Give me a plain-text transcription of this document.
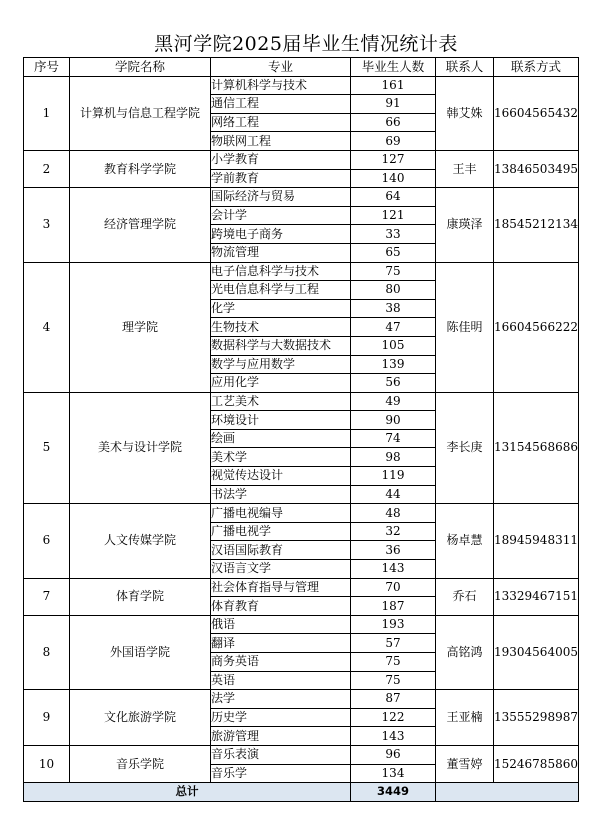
黑河学院2025届毕业生情况统计表
序号	学院名称	专业	毕业生人数	联系人	联系方式
1	计算机与信息工程学院	计算机科学与技术	161	韩艾姝	16604565432
		通信工程	91		
		网络工程	66		
		物联网工程	69		
2	教育科学学院	小学教育	127	王丰	13846503495
		学前教育	140		
3	经济管理学院	国际经济与贸易	64	康瑛泽	18545212134
		会计学	121		
		跨境电子商务	33		
		物流管理	65		
4	理学院	电子信息科学与技术	75	陈佳明	16604566222
		光电信息科学与工程	80		
		化学	38		
		生物技术	47		
		数据科学与大数据技术	105		
		数学与应用数学	139		
		应用化学	56		
5	美术与设计学院	工艺美术	49	李长庚	13154568686
		环境设计	90		
		绘画	74		
		美术学	98		
		视觉传达设计	119		
		书法学	44		
6	人文传媒学院	广播电视编导	48	杨卓慧	18945948311
		广播电视学	32		
		汉语国际教育	36		
		汉语言文学	143		
7	体育学院	社会体育指导与管理	70	乔石	13329467151
		体育教育	187		
8	外国语学院	俄语	193	高铭鸿	19304564005
		翻译	57		
		商务英语	75		
		英语	75		
9	文化旅游学院	法学	87	王亚楠	13555298987
		历史学	122		
		旅游管理	143		
10	音乐学院	音乐表演	96	董雪婷	15246785860
		音乐学	134		
总计			3449		
